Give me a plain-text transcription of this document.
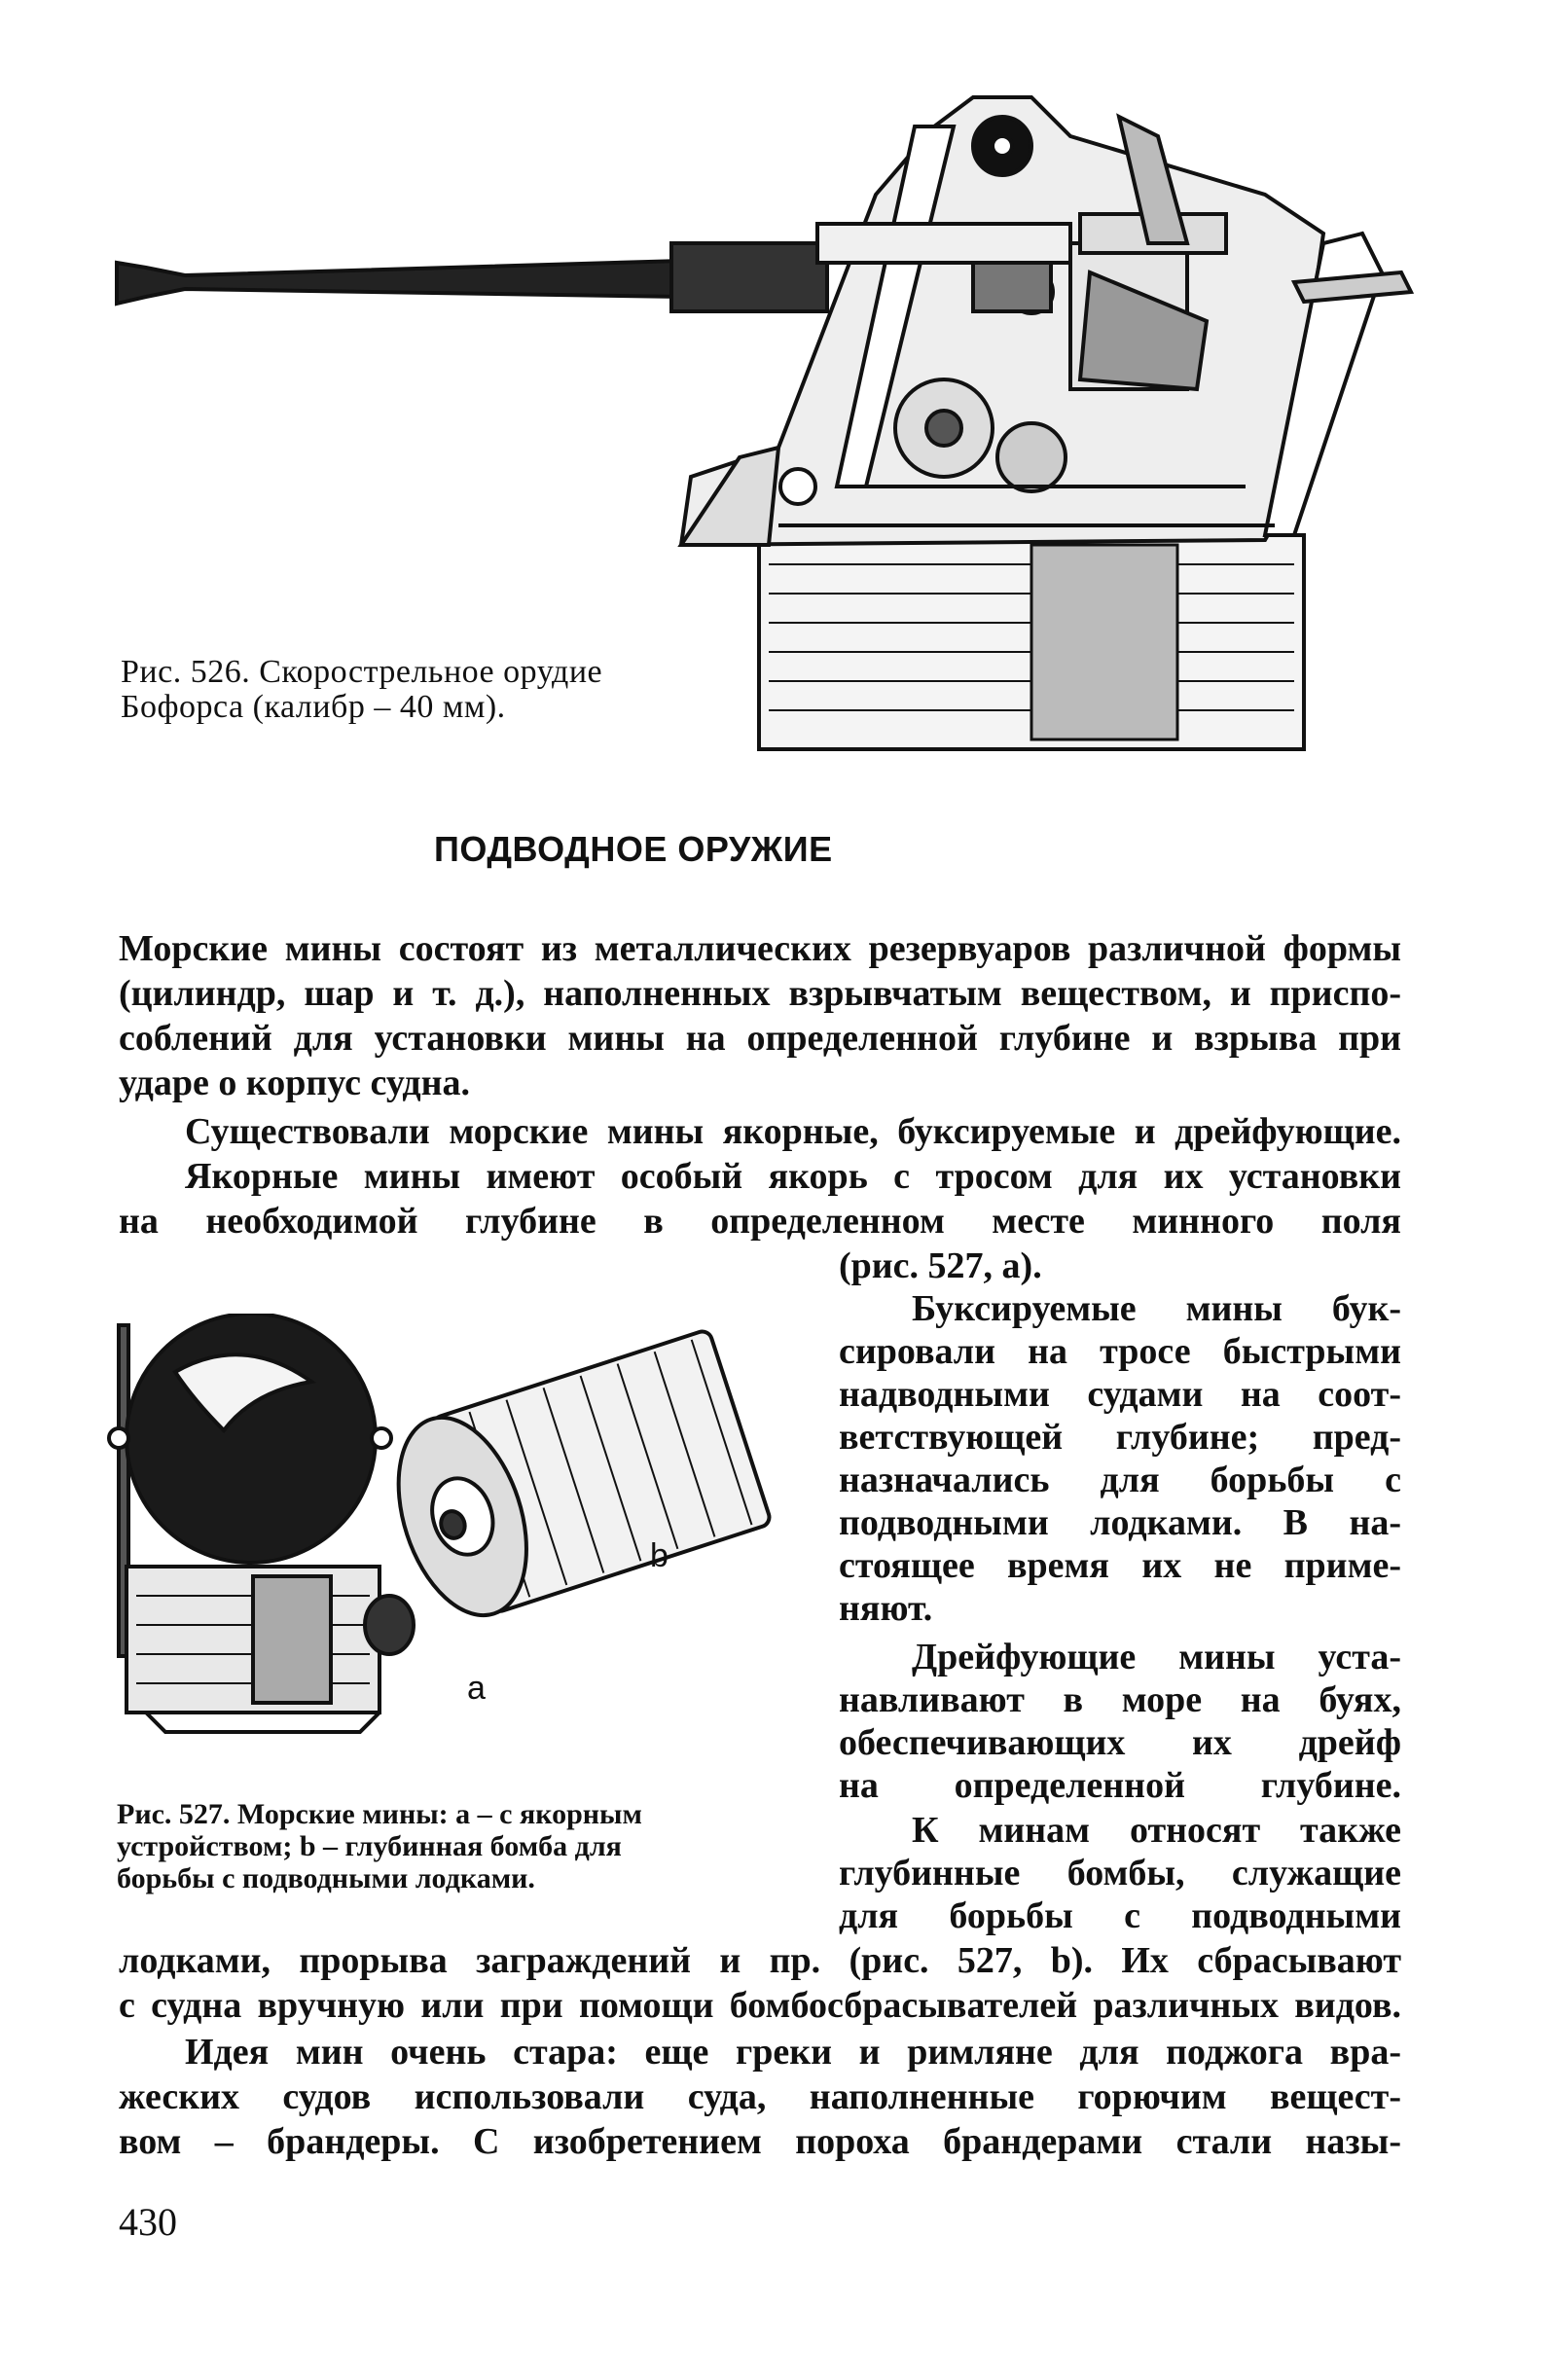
Рис. 526. Скорострельное орудие
Бофорса (калибр – 40 мм).
ПОДВОДНОЕ ОРУЖИЕ
Морские мины состоят из металлических резервуаров различной формы
(цилиндр, шар и т. д.), наполненных взрывчатым веществом, и приспо-
соблений для установки мины на определенной глубине и взрыва при
ударе о корпус судна.
Существовали морские мины якорные, буксируемые и дрейфующие.
Якорные мины имеют особый якорь с тросом для их установки
на необходимой глубине в определенном месте минного поля
(рис. 527, а).
b
а
Рис. 527. Морские мины: а – с якорным
устройством; b – глубинная бомба для
борьбы с подводными лодками.
Буксируемые мины бук-
сировали на тросе быстрыми
надводными судами на соот-
ветствующей глубине; пред-
назначались для борьбы с
подводными лодками. В на-
стоящее время их не приме-
няют.
Дрейфующие мины уста-
навливают в море на буях,
обеспечивающих их дрейф
на определенной глубине.
К минам относят также
глубинные бомбы, служащие
для борьбы с подводными
лодками, прорыва заграждений и пр. (рис. 527, b). Их сбрасывают
с судна вручную или при помощи бомбосбрасывателей различных видов.
Идея мин очень стара: еще греки и римляне для поджога вра-
жеских судов использовали суда, наполненные горючим вещест-
вом – брандеры. С изобретением пороха брандерами стали назы-
430
